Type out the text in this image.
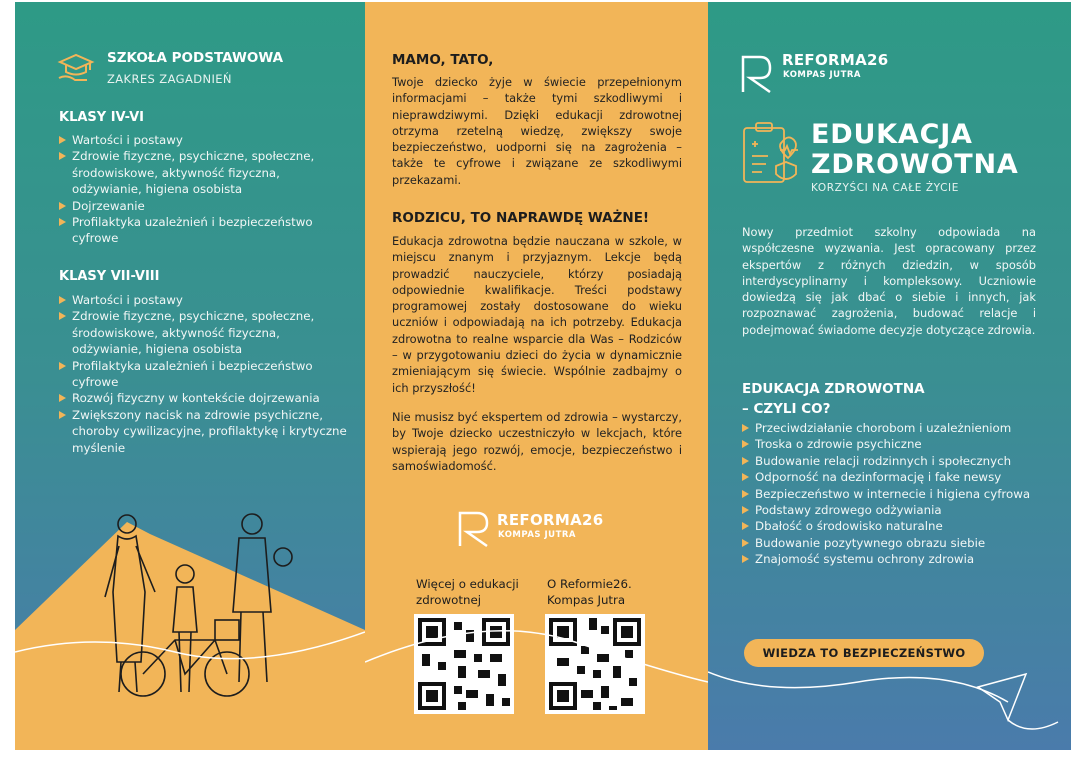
SZKOŁA PODSTAWOWA
ZAKRES ZAGADNIEŃ
KLASY IV-VI
Wartości i postawy
Zdrowie fizyczne, psychiczne, społeczne, środowiskowe, aktywność fizyczna, odżywianie, higiena osobista
Dojrzewanie
Profilaktyka uzależnień i bezpieczeństwo cyfrowe
KLASY VII-VIII
Wartości i postawy
Zdrowie fizyczne, psychiczne, społeczne, środowiskowe, aktywność fizyczna, odżywianie, higiena osobista
Profilaktyka uzależnień i bezpieczeństwo cyfrowe
Rozwój fizyczny w kontekście dojrzewania
Zwiększony nacisk na zdrowie psychiczne, choroby cywilizacyjne, profilaktykę i krytyczne myślenie
MAMO, TATO,
Twoje dziecko żyje w świecie przepełnionym informacjami – także tymi szkodliwymi i nieprawdziwymi. Dzięki edukacji zdrowotnej otrzyma rzetelną wiedzę, zwiększy swoje bezpieczeństwo, uodporni się na zagrożenia – także te cyfrowe i związane ze szkodliwymi przekazami.
RODZICU, TO NAPRAWDĘ WAŻNE!
Edukacja zdrowotna będzie nauczana w szkole, w miejscu znanym i przyjaznym. Lekcje będą prowadzić nauczyciele, którzy posiadają odpowiednie kwalifikacje. Treści podstawy programowej zostały dostosowane do wieku uczniów i odpowiadają na ich potrzeby. Edukacja zdrowotna to realne wsparcie dla Was – Rodziców – w przygotowaniu dzieci do życia w dynamicznie zmieniającym się świecie. Wspólnie zadbajmy o ich przyszłość!
Nie musisz być ekspertem od zdrowia – wystarczy, by Twoje dziecko uczestniczyło w lekcjach, które wspierają jego rozwój, emocje, bezpieczeństwo i samoświadomość.
REFORMA26
KOMPAS JUTRA
Więcej o edukacji
zdrowotnej
O Reformie26.
Kompas Jutra
REFORMA26
KOMPAS JUTRA
EDUKACJA
ZDROWOTNA
KORZYŚCI NA CAŁE ŻYCIE
Nowy przedmiot szkolny odpowiada na współczesne wyzwania. Jest opracowany przez ekspertów z różnych dziedzin, w sposób interdyscyplinarny i kompleksowy. Uczniowie dowiedzą się jak dbać o siebie i innych, jak rozpoznawać zagrożenia, budować relacje i podejmować świadome decyzje dotyczące zdrowia.
EDUKACJA ZDROWOTNA
– CZYLI CO?
Przeciwdziałanie chorobom i uzależnieniom
Troska o zdrowie psychiczne
Budowanie relacji rodzinnych i społecznych
Odporność na dezinformację i fake newsy
Bezpieczeństwo w internecie i higiena cyfrowa
Podstawy zdrowego odżywiania
Dbałość o środowisko naturalne
Budowanie pozytywnego obrazu siebie
Znajomość systemu ochrony zdrowia
WIEDZA TO BEZPIECZEŃSTWO
